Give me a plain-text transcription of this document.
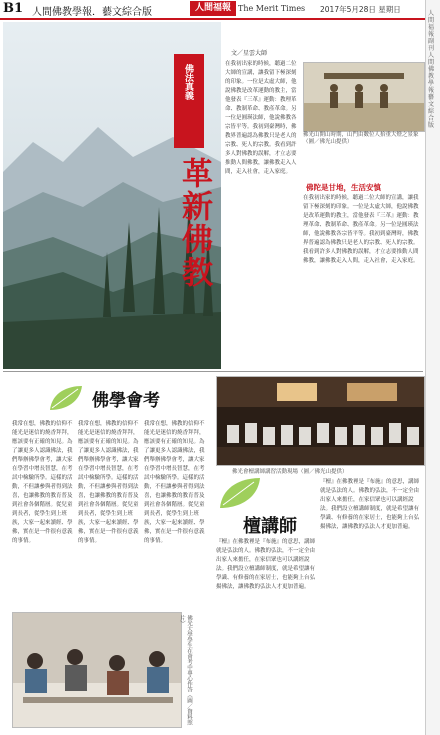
B1 人間佛教學報．藝文綜合版	人間福報 The Merit Times 2017年5月28日 星期日	人間福報副刊人間佛教學報藝文綜合版
佛法真義
革新佛教
文／星雲大師
在我初出家的時候，聽過二位大師的宣講，讓我留下極深刻的印象。一位是太虛大師，他說佛教是改革運動的教主，當他發表『三革』運動：教理革命、教制革命、教產革命。另一位是圓瑛法師，他說佛教各宗皆平等。我初到臺灣時，佛教界普遍認為佛教只是老人的宗教、死人的宗教。我看到許多人對佛教的誤解，才立志要推動人間佛教，讓佛教走入人間，走入社會，走入家庭。
佛光山開山時期，山門由數位人抬重大燈之景象（圖／佛光山提供）
佛陀是甘地，生活安慎
在我初出家的時候，聽過二位大師的宣講，讓我留下極深刻的印象。一位是太虛大師，他說佛教是改革運動的教主，當他發表『三革』運動：教理革命、教制革命、教產革命。另一位是圓瑛法師，他說佛教各宗皆平等。我初到臺灣時，佛教界普遍認為佛教只是老人的宗教、死人的宗教。我看到許多人對佛教的誤解，才立志要推動人間佛教，讓佛教走入人間，走入社會，走入家庭。
佛學會考
我常在想，佛教的信仰不能光是迷信的燒香拜拜，應該要有正確的知見。為了讓更多人認識佛法，我們舉辦佛學會考，讓大家在學習中增長智慧，在考試中檢驗所學。這樣的活動，不但讓參與者得到法喜，也讓佛教的教育普及到社會各個階層。從兒童到長者，從學生到上班族，大家一起來讀經、學佛，實在是一件很有意義的事情。
我常在想，佛教的信仰不能光是迷信的燒香拜拜，應該要有正確的知見。為了讓更多人認識佛法，我們舉辦佛學會考，讓大家在學習中增長智慧，在考試中檢驗所學。這樣的活動，不但讓參與者得到法喜，也讓佛教的教育普及到社會各個階層。從兒童到長者，從學生到上班族，大家一起來讀經、學佛，實在是一件很有意義的事情。
我常在想，佛教的信仰不能光是迷信的燒香拜拜，應該要有正確的知見。為了讓更多人認識佛法，我們舉辦佛學會考，讓大家在學習中增長智慧，在考試中檢驗所學。這樣的活動，不但讓參與者得到法喜，也讓佛教的教育普及到社會各個階層。從兒童到長者，從學生到上班族，大家一起來讀經、學佛，實在是一件很有意義的事情。
佛光大學學生在會考中專心作答（圖／資料照片）
佛光會檀講師講習活動現場（圖／佛光山提供）
檀講師
『檀』在佛教裡是『布施』的意思，講師就是弘法的人。佛教的弘法，不一定全由出家人來擔任，在家信眾也可以講經說法。我們設立檀講師制度，就是希望讓有學識、有修養的在家居士，也能夠上台弘揚佛法，讓佛教的弘法人才更加普遍。
『檀』在佛教裡是『布施』的意思，講師就是弘法的人。佛教的弘法，不一定全由出家人來擔任，在家信眾也可以講經說法。我們設立檀講師制度，就是希望讓有學識、有修養的在家居士，也能夠上台弘揚佛法，讓佛教的弘法人才更加普遍。
